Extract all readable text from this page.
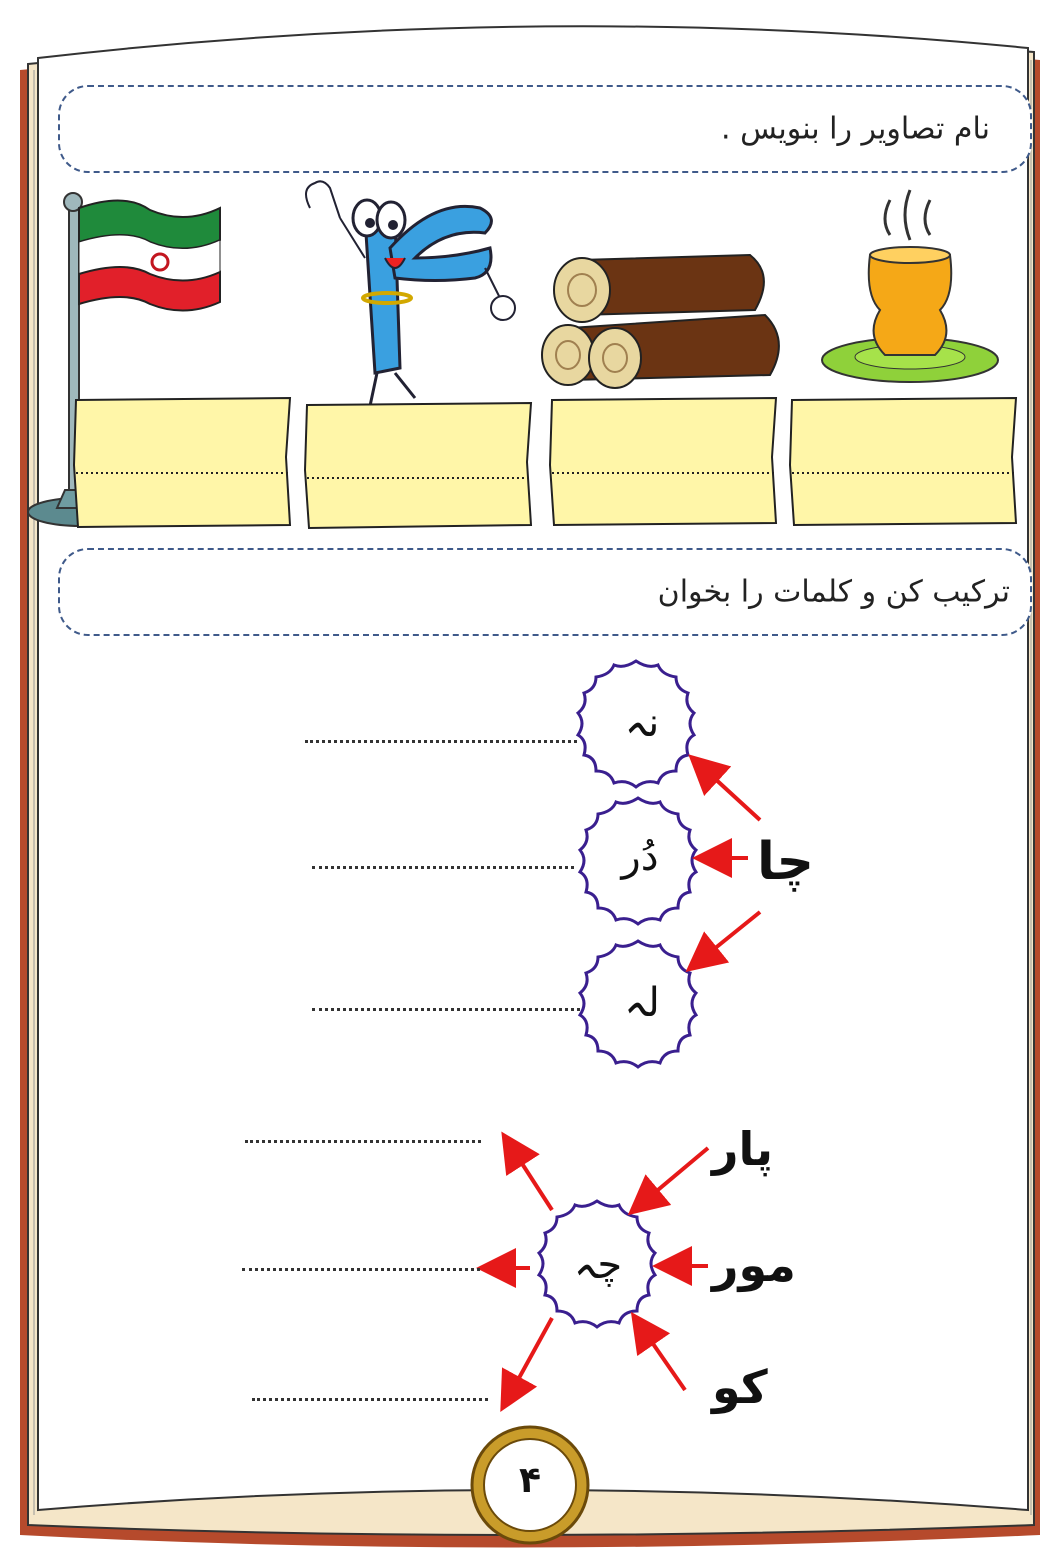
نام تصاویر را بنویس .
ترکیب کن و کلمات را بخوان
نہ
دُر
لہ
چا
چہ
پار
مور
کو
۴
